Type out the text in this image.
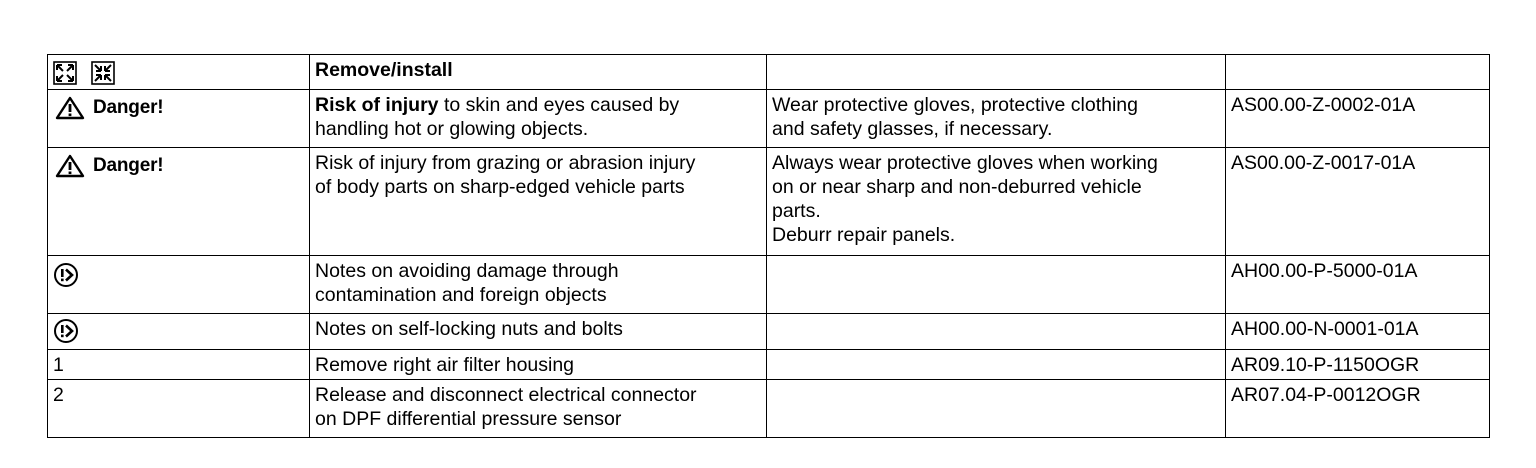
	Remove/install		

Danger!	Risk of injury to skin and eyes caused by
handling hot or glowing objects.	Wear protective gloves, protective clothing
and safety glasses, if necessary.	AS00.00-Z-0002-01A

Danger!	Risk of injury from grazing or abrasion injury
of body parts on sharp-edged vehicle parts	Always wear protective gloves when working
on or near sharp and non-deburred vehicle
parts.
Deburr repair panels.	AS00.00-Z-0017-01A

Notes on avoiding damage through
contamination and foreign objects		AH00.00-P-5000-01A

Notes on self-locking nuts and bolts		AH00.00-N-0001-01A
1	Remove right air filter housing		AR09.10-P-1150OGR
2	Release and disconnect electrical connector
on DPF differential pressure sensor		AR07.04-P-0012OGR
